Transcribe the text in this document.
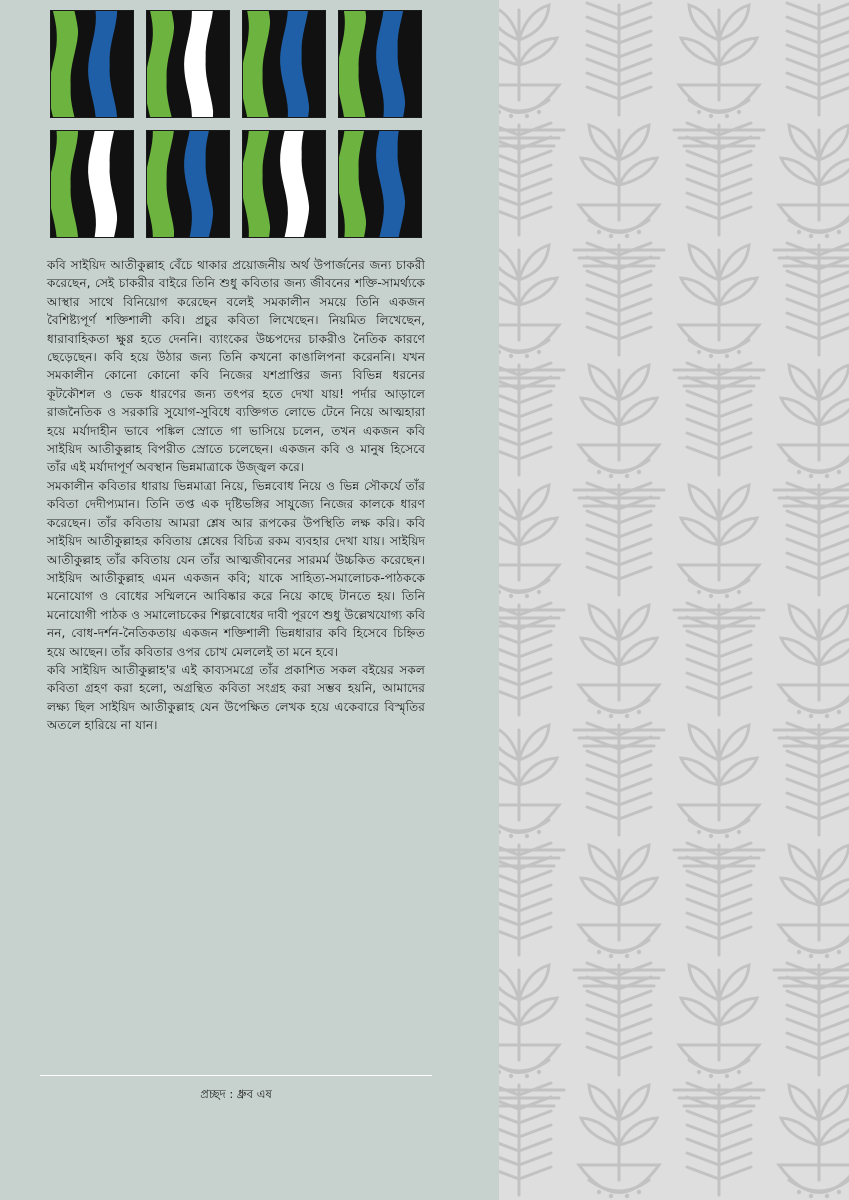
কবি সাইয়িদ আতীকুল্লাহ বেঁচে থাকার প্রয়োজনীয় অর্থ উপার্জনের জন্য চাকরী করেছেন, সেই চাকরীর বাইরে তিনি শুধু কবিতার জন্য জীবনের শক্তি-সামর্থ্যকে আস্থার সাথে বিনিয়োগ করেছেন বলেই সমকালীন সময়ে তিনি একজন বৈশিষ্ট্যপূর্ণ শক্তিশালী কবি। প্রচুর কবিতা লিখেছেন। নিয়মিত লিখেছেন, ধারাবাহিকতা ক্ষুণ্ণ হতে দেননি। ব্যাংকের উচ্চপদের চাকরীও নৈতিক কারণে ছেড়েছেন। কবি হয়ে উঠার জন্য তিনি কখনো কাঙালিপনা করেননি। যখন সমকালীন কোনো কোনো কবি নিজের যশপ্রাপ্তির জন্য বিভিন্ন ধরনের কূটকৌশল ও ভেক ধারণের জন্য তৎপর হতে দেখা যায়! পর্দার আড়ালে রাজনৈতিক ও সরকারি সুযোগ-সুবিধে ব্যক্তিগত লোভে টেনে নিয়ে আত্মহারা হয়ে মর্যাদাহীন ভাবে পঙ্কিল স্রোতে গা ভাসিয়ে চলেন, তখন একজন কবি সাইয়িদ আতীকুল্লাহ বিপরীত স্রোতে চলেছেন। একজন কবি ও মানুষ হিসেবে তাঁর এই মর্যাদাপূর্ণ অবস্থান ভিন্নমাত্রাকে উজ্জ্বল করে।

সমকালীন কবিতার ধারায় ভিন্নমাত্রা নিয়ে, ভিন্নবোধ নিয়ে ও ভিন্ন সৌকর্যে তাঁর কবিতা দেদীপ্যমান। তিনি তপ্ত এক দৃষ্টিভঙ্গির সাযুজ্যে নিজের কালকে ধারণ করেছেন। তাঁর কবিতায় আমরা শ্লেষ আর রূপকের উপস্থিতি লক্ষ করি। কবি সাইয়িদ আতীকুল্লাহর কবিতায় শ্লেষের বিচিত্র রকম ব্যবহার দেখা যায়। সাইয়িদ আতীকুল্লাহ তাঁর কবিতায় যেন তাঁর আত্মজীবনের সারমর্ম উচ্চকিত করেছেন। সাইয়িদ আতীকুল্লাহ এমন একজন কবি; যাকে সাহিত্য-সমালোচক-পাঠককে মনোযোগ ও বোধের সম্মিলনে আবিষ্কার করে নিয়ে কাছে টানতে হয়। তিনি মনোযোগী পাঠক ও সমালোচকের শিল্পবোধের দাবী পূরণে শুধু উল্লেখযোগ্য কবি নন, বোধ-দর্শন-নৈতিকতায় একজন শক্তিশালী ভিন্নধারার কবি হিসেবে চিহ্নিত হয়ে আছেন। তাঁর কবিতার ওপর চোখ মেললেই তা মনে হবে।

কবি সাইয়িদ আতীকুল্লাহ'র এই কাব্যসমগ্রে তাঁর প্রকাশিত সকল বইয়ের সকল কবিতা গ্রহণ করা হলো, অগ্রন্থিত কবিতা সংগ্রহ করা সম্ভব হয়নি, আমাদের লক্ষ্য ছিল সাইয়িদ আতীকুল্লাহ যেন উপেক্ষিত লেখক হয়ে একেবারে বিস্মৃতির অতলে হারিয়ে না যান।

প্রচ্ছদ : ধ্রুব এষ
